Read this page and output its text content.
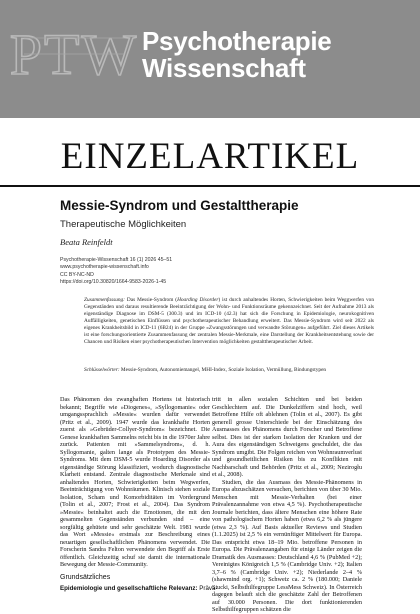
PTW Psychotherapie
Wissenschaft
EINZELARTIKEL
Messie-Syndrom und Gestalttherapie
Therapeutische Möglichkeiten
Beata Reinfeldt
Psychotherapie-Wissenschaft 16 (1) 2026 45–51
www.psychotherapie-wissenschaft.info
CC BY-NC-ND
https://doi.org/10.30820/1664-9583-2026-1-45
Zusammenfassung: Das Messie-Syndrom (Hoarding Disorder) ist durch anhaltendes Horten, Schwierigkeiten beim Weggwerfen von Gegenständen und daraus resultierende Beeinträchtigung der Wohn- und Funktionsräume gekennzeichnet. Seit der Aufnahme 2013 als eigenständige Diagnose im DSM-5 (300.3) und im ICD-10 (42.3) hat sich die Forschung in Epidemiologie, neurokognitiven Auffälligkeiten, genetischen Einflüssen und psychotherapeutischer Behandlung erweitert. Das Messie-Syndrom wird seit 2022 als eigenes Krankheitsbild in ICD-11 (6B24) in der Gruppe »Zwangsstörungen und verwandte Störungen« aufgeführt. Ziel dieses Artikels ist eine forschungsorientierte Zusammenfassung der zentralen Messie-Merkmale, eine Darstellung der Krankheitsentstehung sowie der Chancen und Risiken einer psychotherapeutischen Intervention möglichkeiten gestalttherapeutischer Arbeit.
Schlüsselwörter: Messie-Syndrom, Autonomiemangel, MHI-Index, Soziale Isolation, Vermüllung, Bindungstypen

Das Phänomen des zwanghaften Hortens ist historisch bekannt; Begriffe wie »Diogenes«, »Syllogomanie« oder umgangssprachlich »Messie« wurden dafür verwendet (Pritz et al., 2009). 1947 wurde das krankhafte Horten zuerst als »Gebrüder-Collyer-Syndrom« bezeichnet. Die Genese krankhaften Sammelns reicht bis in die 1970er Jahre zurück. Patienten mit »Sammelsyndrom«, d. h. Syllogomanie, galten lange als Prototypen des Messie-Syndroms. Mit dem DSM-5 wurde Hoarding Disorder als eigenständige Störung klassifiziert, wodurch diagnostische Klarheit entstand. Zentrale diagnostische Merkmale sind anhaltendes Horten, Schwierigkeiten beim Wegwerfen, Beeinträchtigung von Wohnräumen. Klinisch stehen soziale Isolation, Scham und Komorbiditäten im Vordergrund (Tolin et al., 2007; Frost et al., 2004). Das Syndrom »Messie« beinhaltet auch die Emotionen, die mit den gesammelten Gegenständen verbunden sind – eine sorgfältig gehütete und sehr geschätzte Welt. 1981 wurde das Wort »Messie« erstmals zur Beschreibung eines neuartigen gesellschaftlichen Phänomens verwendet. Die Forscherin Sandra Felton verwendete den Begriff als Erste öffentlich. Gleichzeitig schuf sie damit die internationale Bewegung der Messie-Community.

Grundsätzliches
Epidemiologie und gesellschaftliche Relevanz: Präva-

tritt in allen sozialen Schichten und bei beiden Geschlechtern auf. Die Dunkelziffern sind hoch, weil Betroffene Hilfe oft ablehnen (Tolin et al., 2007). Es gibt generell grosse Unterschiede bei der Einschätzung des Ausmasses des Phänomens durch Forscher und Betroffene selbst. Dies ist der starken Isolation der Kranken und der Aura des eigenständigen Schweigens geschuldet, die das Syndrom umgibt. Die Folgen reichen von Wohnraumverlust und gesundheitlichen Risiken bis zu Konflikten mit Nachbarschaft und Behörden (Pritz et al., 2009; Nezirogłu et al., 2008).

Studien, die das Ausmass des Messie-Phänomens in Europa abzuschätzen versuchen, berichten von über 30 Mio. Menschen mit Messie-Verhalten (bei einer Prävalenzannahme von etwa 4,5 %). Psychotherapeutische Journale berichten, dass ältere Menschen eine höhere Rate von pathologischem Horten haben (etwa 6,2 % als jüngere (etwa 2,3 %). Auf Basis aktueller Reviews und Studien (1.1.2025) ist 2,5 % ein vernünftiger Mittelwert für Europa. Das entspricht etwa 18–19 Mio. betroffene Personen in Europa. Die Prävalenzangaben für einige Länder zeigen die Dramatik des Ausmasses: Deutschland 4,6 % (PubMed +2); Vereinigtes Königreich 1,5 % (Cambridge Univ. +2); Italien 3,7–6 % (Cambridge Univ. +2); Niederlande 2–4 % (shawmind org. +1); Schweiz ca. 2 % (180.000; Daniele Stucki, Selbsthilfegruppe LessMess Schweiz). In Österreich dagegen belauft sich die geschätzte Zahl der Betroffenen auf 30.000 Personen. Die dort funktionierenden Selbsthilfegruppen schätzen die
